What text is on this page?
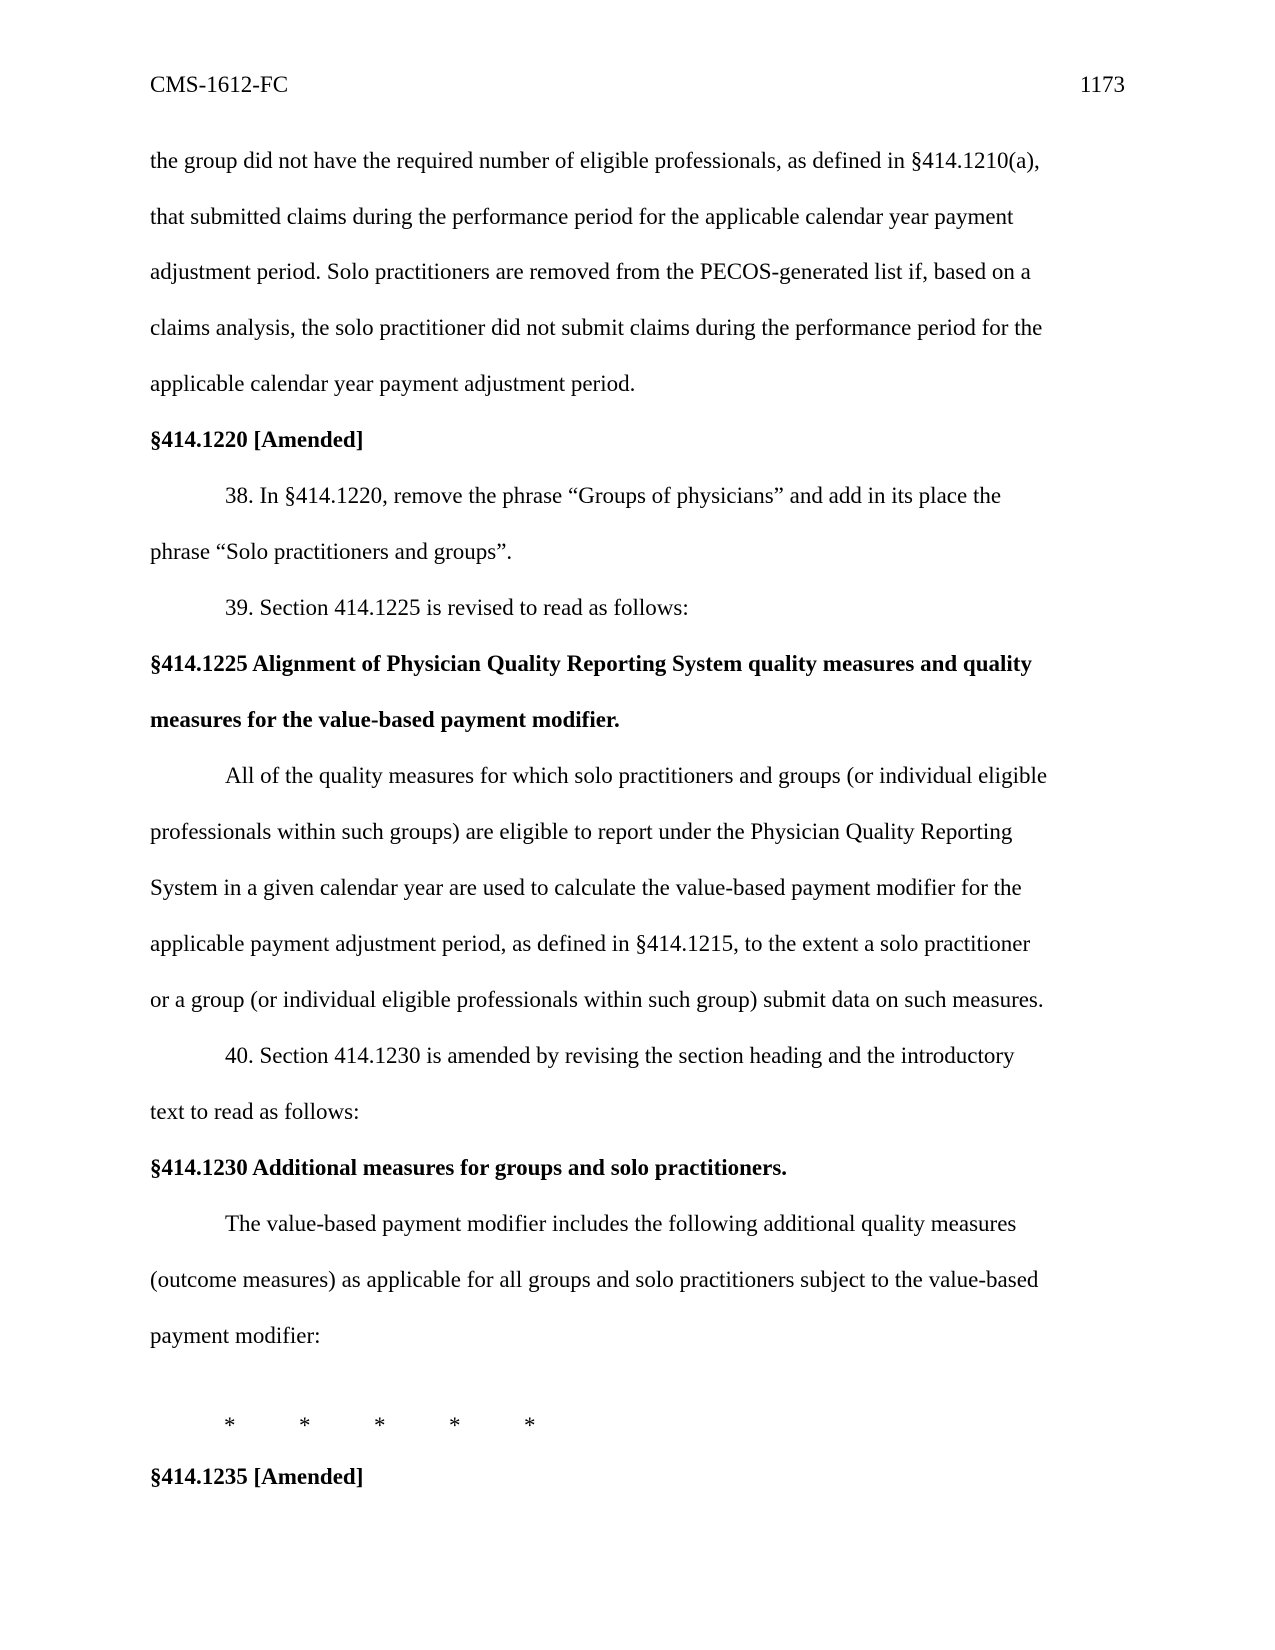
CMS-1612-FC	1173
the group did not have the required number of eligible professionals, as defined in §414.1210(a),
that submitted claims during the performance period for the applicable calendar year payment
adjustment period. Solo practitioners are removed from the PECOS-generated list if, based on a
claims analysis, the solo practitioner did not submit claims during the performance period for the
applicable calendar year payment adjustment period.
§414.1220 [Amended]
38. In §414.1220, remove the phrase “Groups of physicians” and add in its place the
phrase “Solo practitioners and groups”.
39. Section 414.1225 is revised to read as follows:
§414.1225 Alignment of Physician Quality Reporting System quality measures and quality
measures for the value-based payment modifier.
All of the quality measures for which solo practitioners and groups (or individual eligible
professionals within such groups) are eligible to report under the Physician Quality Reporting
System in a given calendar year are used to calculate the value-based payment modifier for the
applicable payment adjustment period, as defined in §414.1215, to the extent a solo practitioner
or a group (or individual eligible professionals within such group) submit data on such measures.
40. Section 414.1230 is amended by revising the section heading and the introductory
text to read as follows:
§414.1230 Additional measures for groups and solo practitioners.
The value-based payment modifier includes the following additional quality measures
(outcome measures) as applicable for all groups and solo practitioners subject to the value-based
payment modifier:
*	*	*	*	*
§414.1235 [Amended]
